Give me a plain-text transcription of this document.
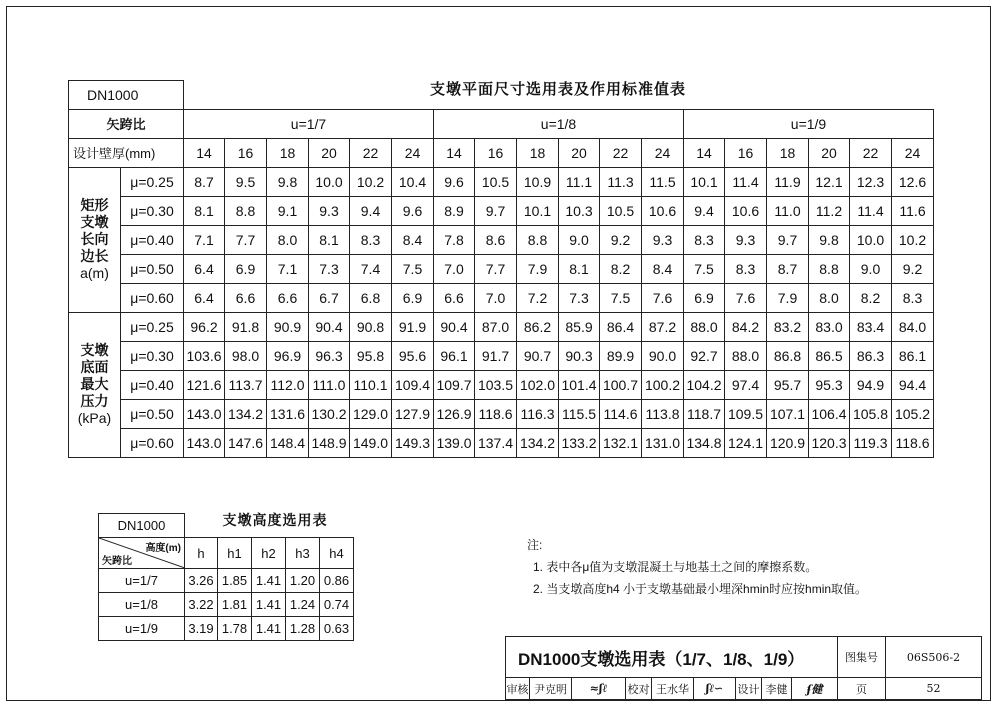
支墩平面尺寸选用表及作用标准值表
DN1000																			
矢跨比		u=1/7						u=1/8						u=1/9					
设计壁厚(mm)		14	16	18	20	22	24	14	16	18	20	22	24	14	16	18	20	22	24

矩形
支墩
长向
边长
a(m)	μ=0.25	8.7	9.5	9.8	10.0	10.2	10.4	9.6	10.5	10.9	11.1	11.3	11.5	10.1	11.4	11.9	12.1	12.3	12.6
	μ=0.30	8.1	8.8	9.1	9.3	9.4	9.6	8.9	9.7	10.1	10.3	10.5	10.6	9.4	10.6	11.0	11.2	11.4	11.6
	μ=0.40	7.1	7.7	8.0	8.1	8.3	8.4	7.8	8.6	8.8	9.0	9.2	9.3	8.3	9.3	9.7	9.8	10.0	10.2
	μ=0.50	6.4	6.9	7.1	7.3	7.4	7.5	7.0	7.7	7.9	8.1	8.2	8.4	7.5	8.3	8.7	8.8	9.0	9.2
	μ=0.60	6.4	6.6	6.6	6.7	6.8	6.9	6.6	7.0	7.2	7.3	7.5	7.6	6.9	7.6	7.9	8.0	8.2	8.3

支墩
底面
最大
压力
(kPa)	μ=0.25	96.2	91.8	90.9	90.4	90.8	91.9	90.4	87.0	86.2	85.9	86.4	87.2	88.0	84.2	83.2	83.0	83.4	84.0
	μ=0.30	103.6	98.0	96.9	96.3	95.8	95.6	96.1	91.7	90.7	90.3	89.9	90.0	92.7	88.0	86.8	86.5	86.3	86.1
	μ=0.40	121.6	113.7	112.0	111.0	110.1	109.4	109.7	103.5	102.0	101.4	100.7	100.2	104.2	97.4	95.7	95.3	94.9	94.4
	μ=0.50	143.0	134.2	131.6	130.2	129.0	127.9	126.9	118.6	116.3	115.5	114.6	113.8	118.7	109.5	107.1	106.4	105.8	105.2
	μ=0.60	143.0	147.6	148.4	148.9	149.0	149.3	139.0	137.4	134.2	133.2	132.1	131.0	134.8	124.1	120.9	120.3	119.3	118.6
支墩高度选用表
DN1000					

高度(m)
矢跨比	h	h1	h2	h3	h4
u=1/7	3.26	1.85	1.41	1.20	0.86
u=1/8	3.22	1.81	1.41	1.24	0.74
u=1/9	3.19	1.78	1.41	1.28	0.63
注:
1. 表中各μ值为支墩混凝土与地基土之间的摩擦系数。
2. 当支墩高度h4 小于支墩基础最小埋深hmin时应按hmin取值。
DN1000支墩选用表（1/7、1/8、1/9）									图集号	06S506-2
审核	尹克明	≈ʃℓ	校对	王水华	ʃℓ∽	设计	李健	ʄ健	页	52
